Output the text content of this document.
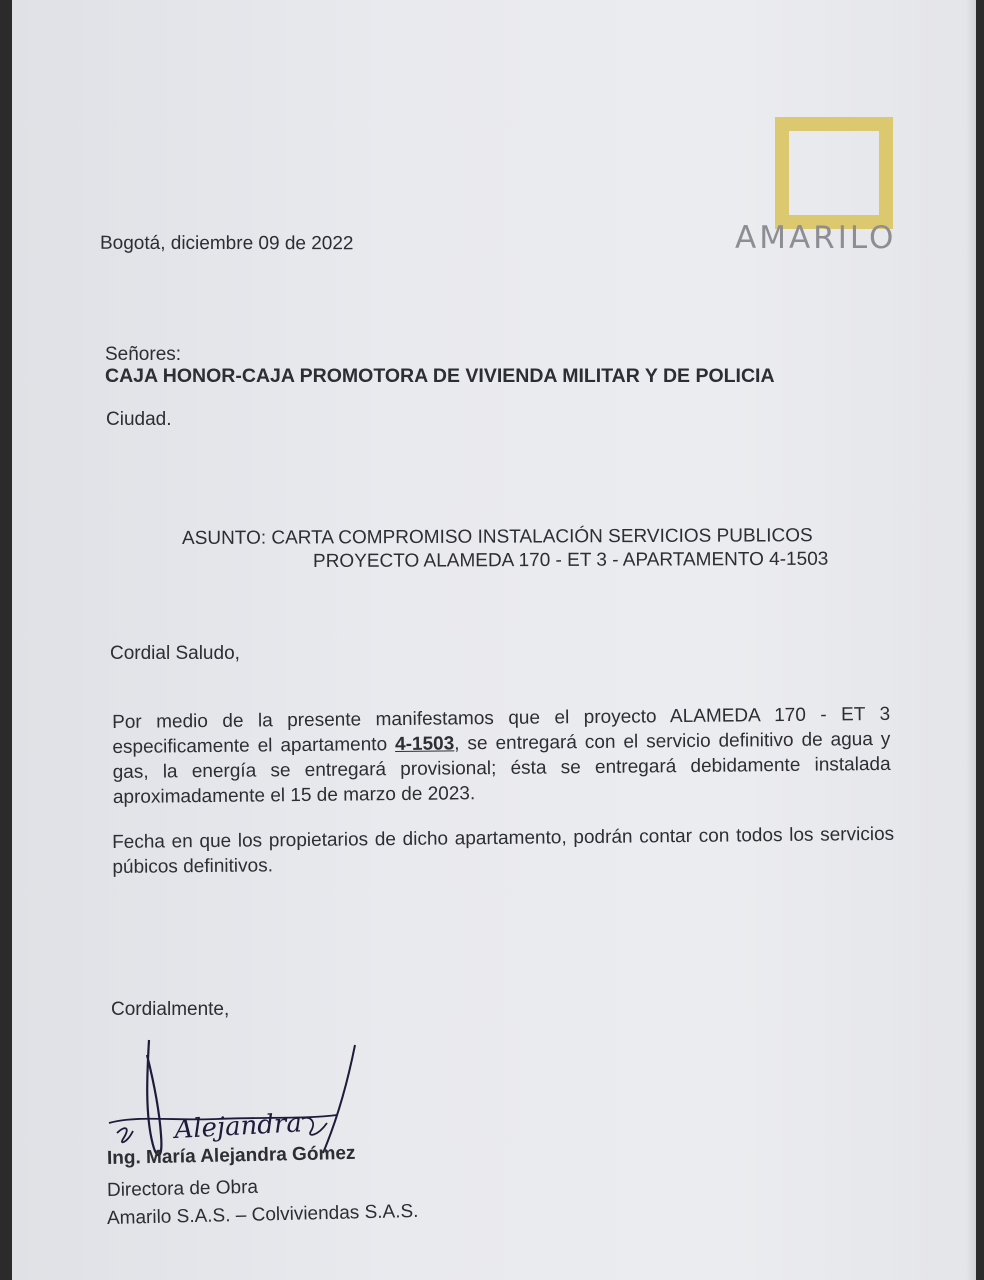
AMARILO
Bogotá, diciembre 09 de 2022
Señores:
CAJA HONOR-CAJA PROMOTORA DE VIVIENDA MILITAR Y DE POLICIA
Ciudad.
ASUNTO: CARTA COMPROMISO INSTALACIÓN SERVICIOS PUBLICOS
PROYECTO ALAMEDA 170 - ET 3 - APARTAMENTO 4-1503
Cordial Saludo,
Por medio de la presente manifestamos que el proyecto ALAMEDA 170 - ET 3 especificamente el apartamento 4-1503, se entregará con el servicio definitivo de agua y gas, la energía se entregará provisional; ésta se entregará debidamente instalada aproximadamente el 15 de marzo de 2023.
Fecha en que los propietarios de dicho apartamento, podrán contar con todos los servicios púbicos definitivos.
Cordialmente,
Alejandra
Ing. María Alejandra Gómez
Directora de Obra
Amarilo S.A.S. – Colviviendas S.A.S.
